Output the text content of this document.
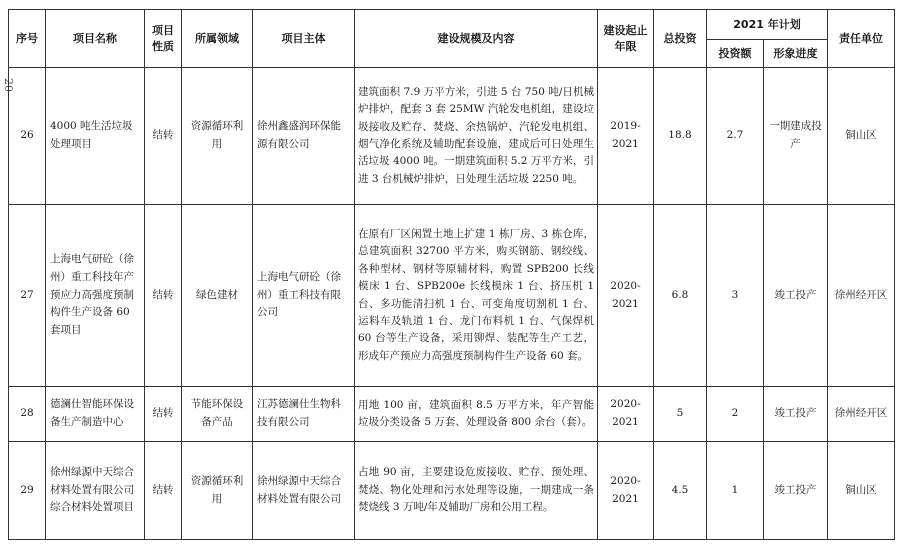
20
序号	项目名称	项目性质	所属领域	项目主体	建设规模及内容	建设起止年限	总投资	2021 年计划		责任单位
								投资额	形象进度	
26	4000 吨生活垃圾处理项目	结转	资源循环利用	徐州鑫盛润环保能源有限公司	建筑面积 7.9 万平方米，引进 5 台 750 吨/日机械炉排炉，配套 3 套 25MW 汽轮发电机组，建设垃圾接收及贮存、焚烧、余热锅炉、汽轮发电机组、烟气净化系统及辅助配套设施，建成后可日处理生活垃圾 4000 吨。一期建筑面积 5.2 万平方米，引进 3 台机械炉排炉，日处理生活垃圾 2250 吨。	2019-2021	18.8	2.7	一期建成投产	铜山区
27	上海电气研砼（徐州）重工科技年产预应力高强度预制构件生产设备 60 套项目	结转	绿色建材	上海电气研砼（徐州）重工科技有限公司	在原有厂区闲置土地上扩建 1 栋厂房、3 栋仓库，总建筑面积 32700 平方米，购买钢筋、钢绞线、各种型材、钢材等原辅材料，购置 SPB200 长线模床 1 台、SPB200e 长线模床 1 台、挤压机 1 台、多功能清扫机 1 台、可变角度切割机 1 台、运料车及轨道 1 台、龙门布料机 1 台、气保焊机 60 台等生产设备，采用铆焊、装配等生产工艺，形成年产预应力高强度预制构件生产设备 60 套。	2020-2021	6.8	3	竣工投产	徐州经开区
28	德澜仕智能环保设备生产制造中心	结转	节能环保设备产品	江苏德澜仕生物科技有限公司	用地 100 亩，建筑面积 8.5 万平方米，年产智能垃圾分类设备 5 万套、处理设备 800 余台（套）。	2020-2021	5	2	竣工投产	徐州经开区
29	徐州绿源中天综合材料处置有限公司综合材料处置项目	结转	资源循环利用	徐州绿源中天综合材料处置有限公司	占地 90 亩，主要建设危废接收、贮存、预处理、焚烧、物化处理和污水处理等设施，一期建成一条焚烧线 3 万吨/年及辅助厂房和公用工程。	2020-2021	4.5	1	竣工投产	铜山区
